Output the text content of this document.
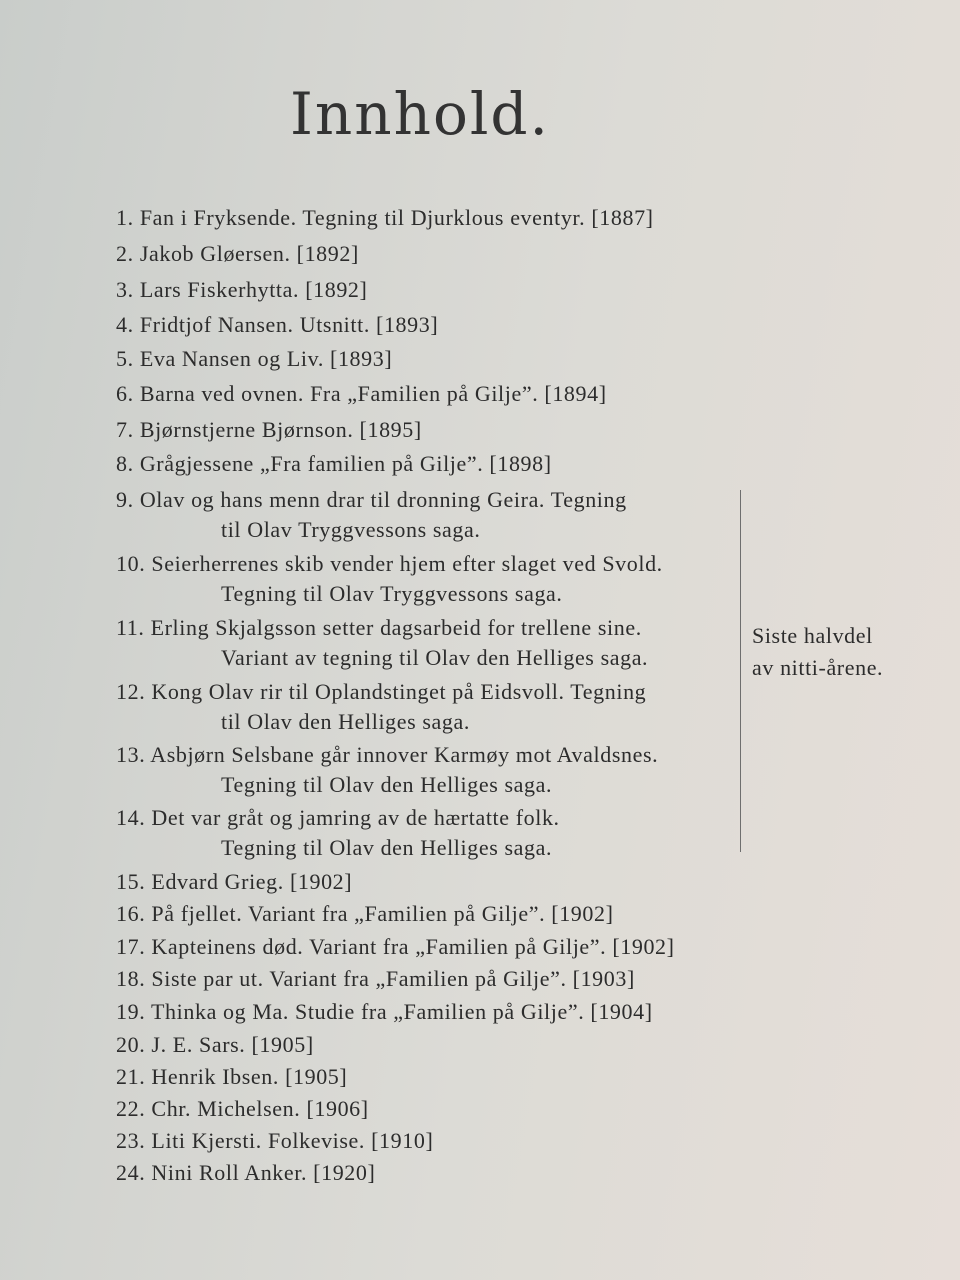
Innhold.
1. Fan i Fryksende. Tegning til Djurklous eventyr. [1887]
2. Jakob Gløersen. [1892]
3. Lars Fiskerhytta. [1892]
4. Fridtjof Nansen. Utsnitt. [1893]
5. Eva Nansen og Liv. [1893]
6. Barna ved ovnen. Fra „Familien på Gilje”. [1894]
7. Bjørnstjerne Bjørnson. [1895]
8. Grågjessene „Fra familien på Gilje”. [1898]
9. Olav og hans menn drar til dronning Geira. Tegning
til Olav Tryggvessons saga.
10. Seierherrenes skib vender hjem efter slaget ved Svold.
Tegning til Olav Tryggvessons saga.
11. Erling Skjalgsson setter dagsarbeid for trellene sine.
Variant av tegning til Olav den Helliges saga.
12. Kong Olav rir til Oplandstinget på Eidsvoll. Tegning
til Olav den Helliges saga.
13. Asbjørn Selsbane går innover Karmøy mot Avaldsnes.
Tegning til Olav den Helliges saga.
14. Det var gråt og jamring av de hærtatte folk.
Tegning til Olav den Helliges saga.
15. Edvard Grieg. [1902]
16. På fjellet. Variant fra „Familien på Gilje”. [1902]
17. Kapteinens død. Variant fra „Familien på Gilje”. [1902]
18. Siste par ut. Variant fra „Familien på Gilje”. [1903]
19. Thinka og Ma. Studie fra „Familien på Gilje”. [1904]
20. J. E. Sars. [1905]
21. Henrik Ibsen. [1905]
22. Chr. Michelsen. [1906]
23. Liti Kjersti. Folkevise. [1910]
24. Nini Roll Anker. [1920]
Siste halvdel
av nitti-årene.
